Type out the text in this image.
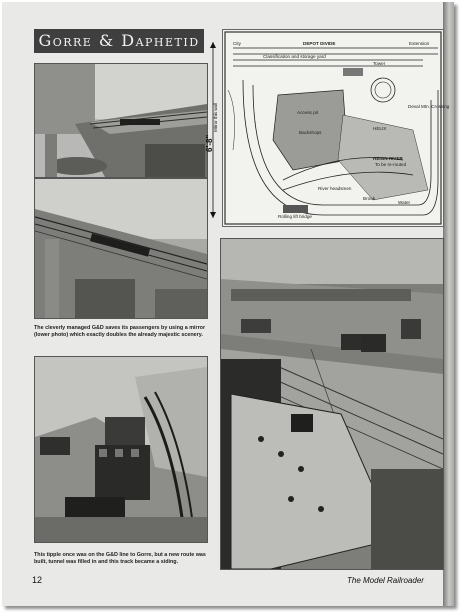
Gorre & Daphetid
The cleverly managed G&D saves its passengers by using a mirror (lower photo) which exactly doubles the already majestic scenery.
This tipple once was on the G&D line to Gorre, but a new route was built, tunnel was filled in and this track became a siding.
6'-8"
Mirror this wall
City	DEPOT DIVIDE	Extension
Classification and storage yard
Tower
Access pit
Backshops
Deval Mtn. Crossing
HELIX
REIGN RIVER
To be re-routed
River headsmen
Brook
Water
Rolling lift bridge
12	The Model Railroader
